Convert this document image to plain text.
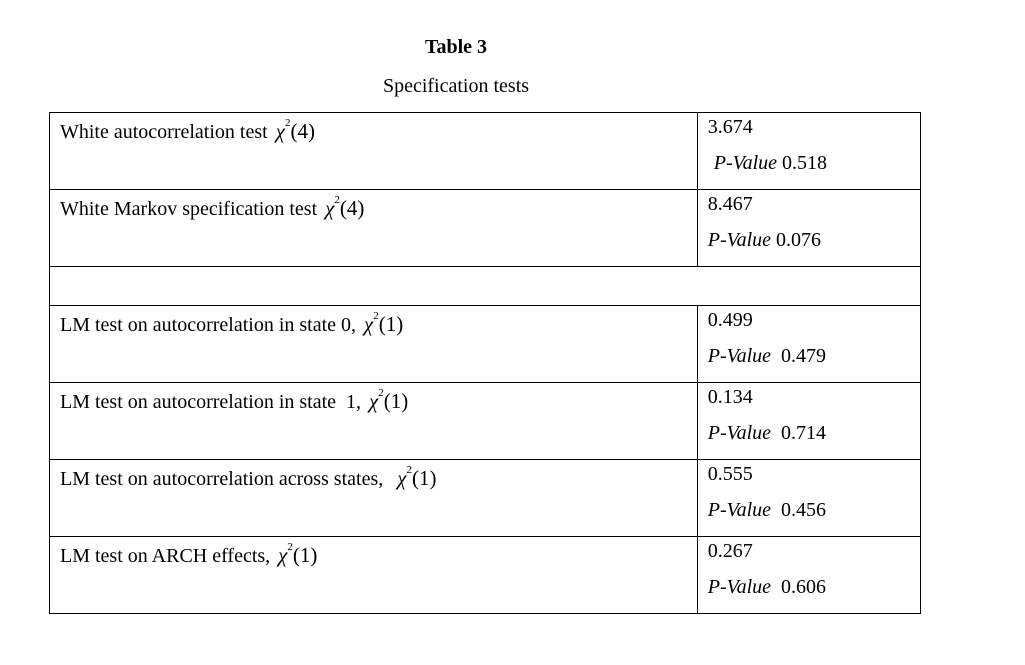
Table 3
Specification tests
White autocorrelation test $\chi^2(4)$	3.674
P-Value 0.518

White Markov specification test $\chi^2(4)$	8.467
P-Value 0.076

LM test on autocorrelation in state 0, $\chi^2(1)$	0.499
P-Value 0.479

LM test on autocorrelation in state  1, $\chi^2(1)$	0.134
P-Value 0.714

LM test on autocorrelation across states, $\chi^2(1)$	0.555
P-Value 0.456

LM test on ARCH effects, $\chi^2(1)$	0.267
P-Value 0.606
